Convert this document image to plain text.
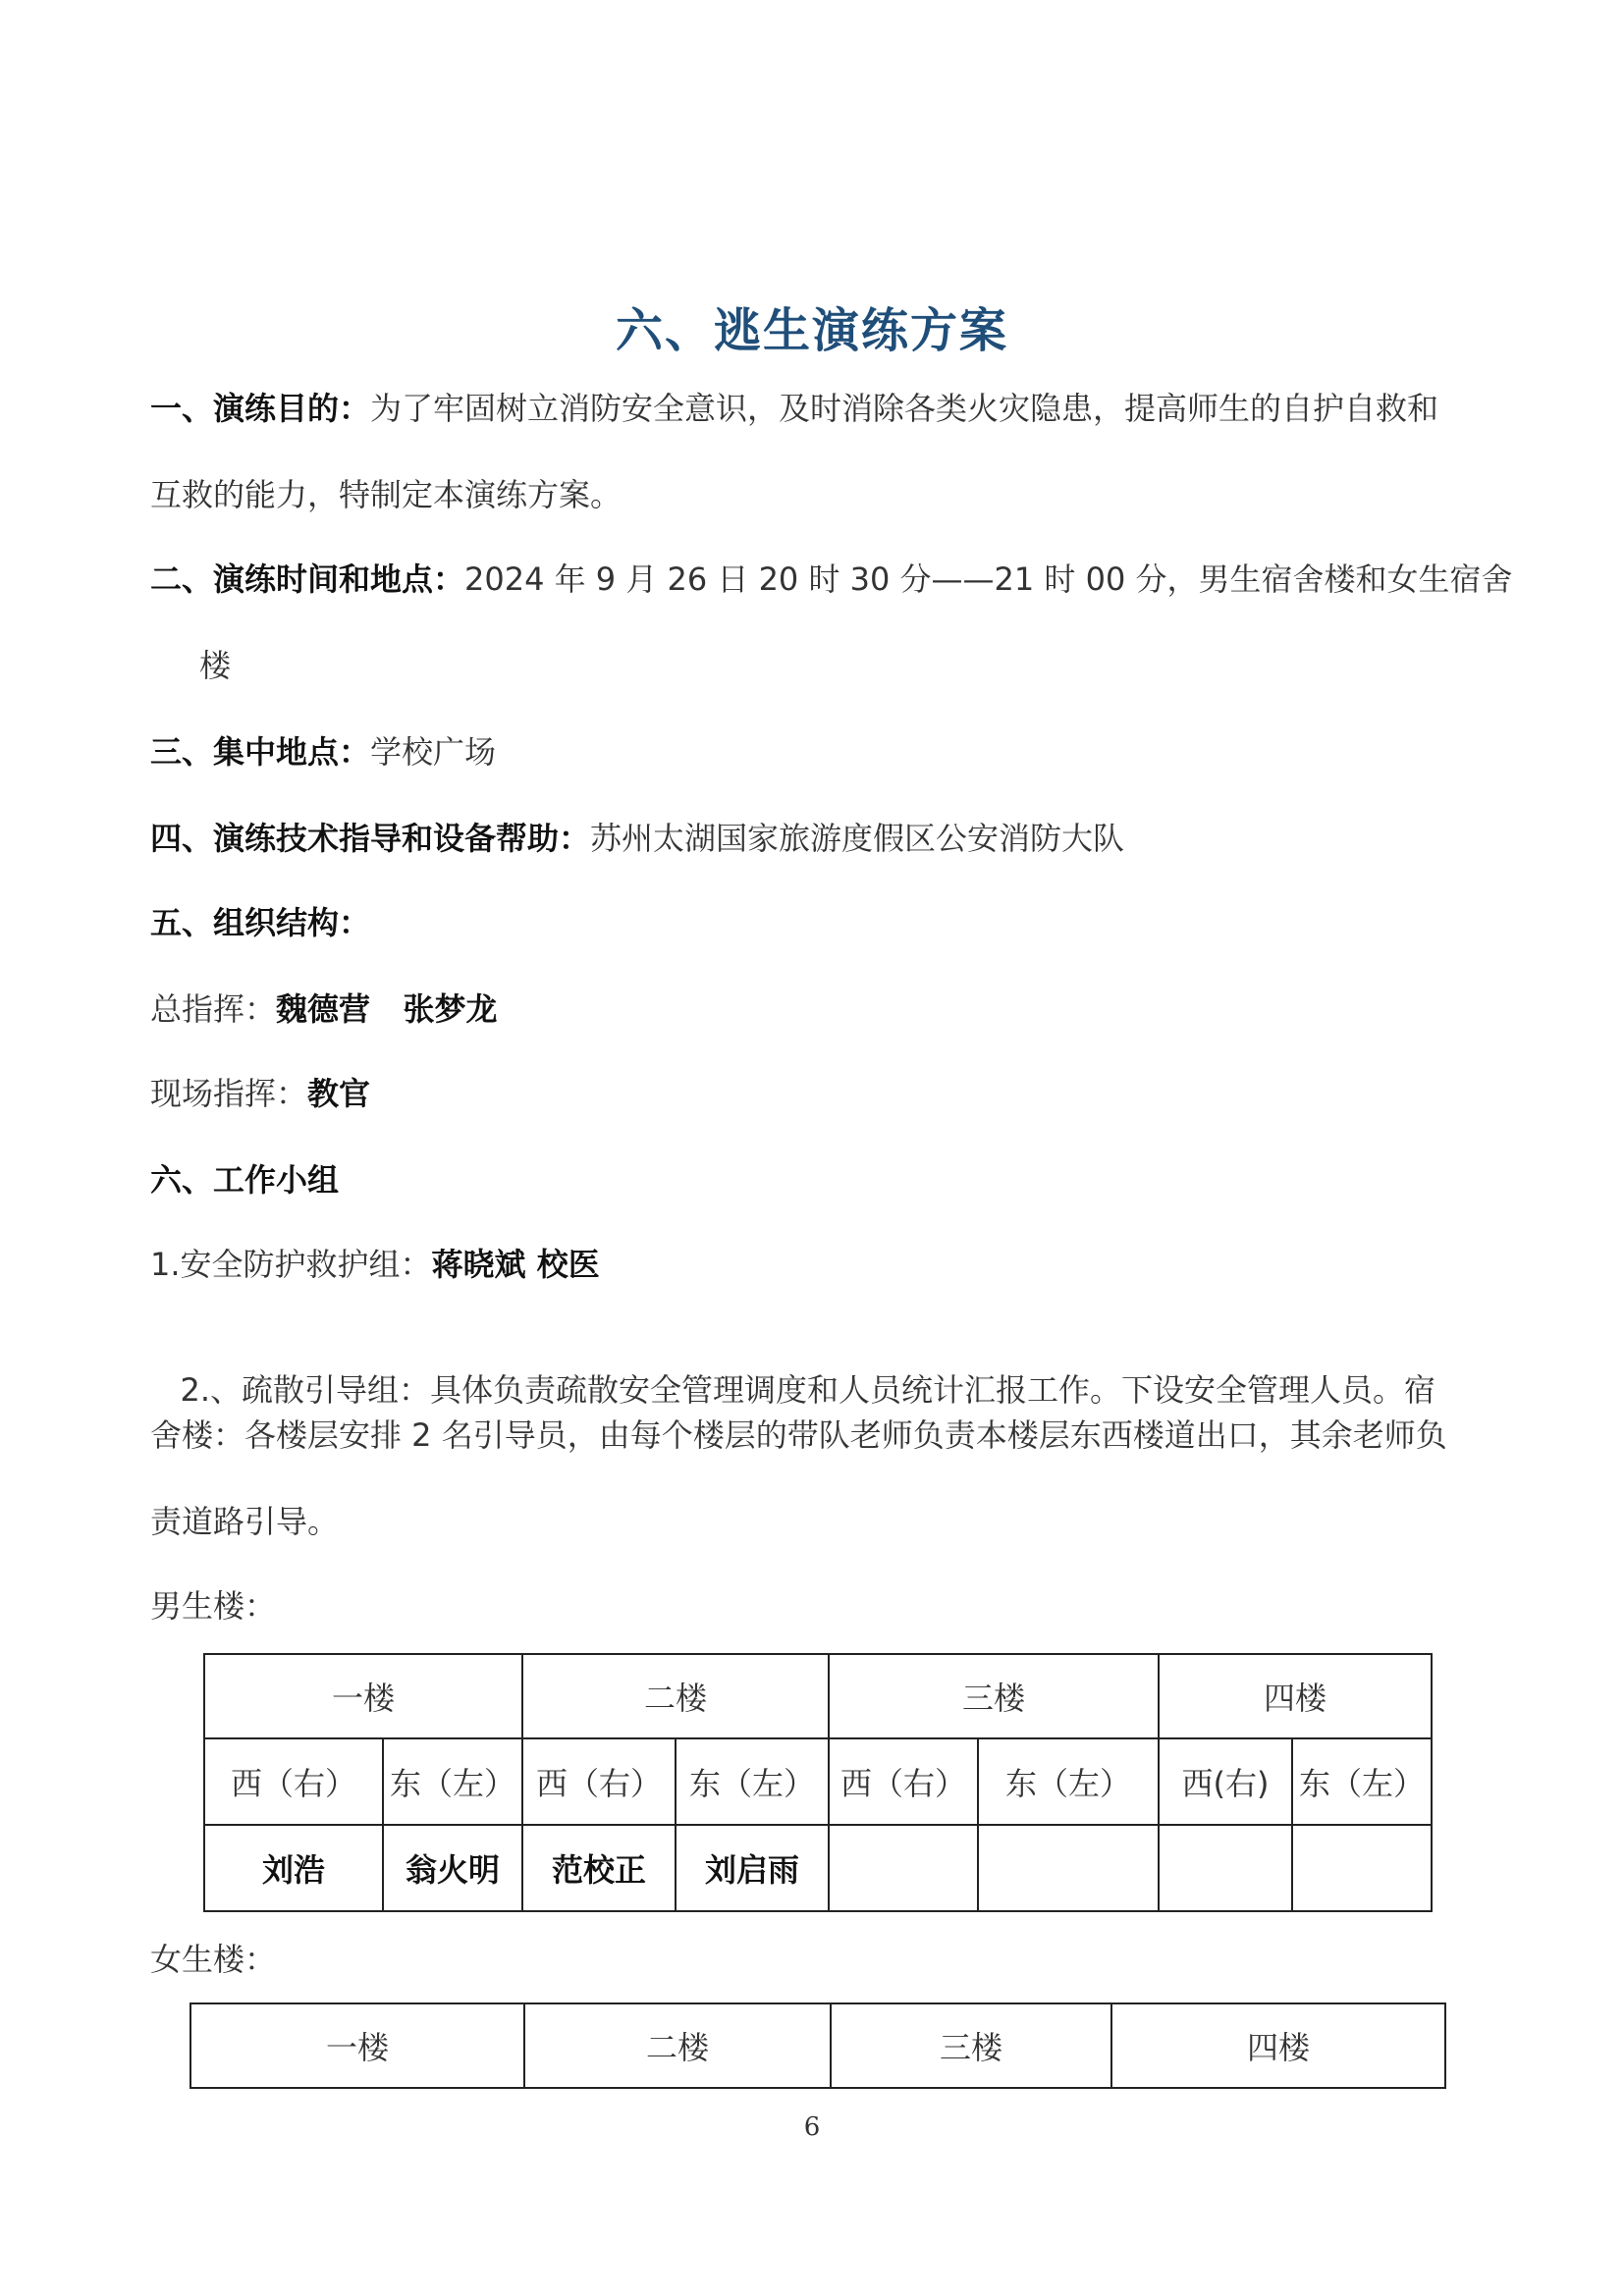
六、逃生演练方案
一、演练目的：为了牢固树立消防安全意识，及时消除各类火灾隐患，提高师生的自护自救和
互救的能力，特制定本演练方案。
二、演练时间和地点：2024 年 9 月 26 日 20 时 30 分——21 时 00 分，男生宿舍楼和女生宿舍
楼
三、集中地点：学校广场
四、演练技术指导和设备帮助：苏州太湖国家旅游度假区公安消防大队
五、组织结构：
总指挥：魏德营   张梦龙
现场指挥：教官
六、工作小组
1.安全防护救护组：蒋晓斌 校医

2.、疏散引导组：具体负责疏散安全管理调度和人员统计汇报工作。下设安全管理人员。宿

舍楼：各楼层安排 2 名引导员，由每个楼层的带队老师负责本楼层东西楼道出口，其余老师负
责道路引导。
男生楼：
一楼		二楼		三楼		四楼	
西（右）	东（左）	西（右）	东（左）	西（右）	东（左）	西(右)	东（左）
刘浩	翁火明	范校正	刘启雨				
女生楼：
一楼	二楼	三楼	四楼
6
